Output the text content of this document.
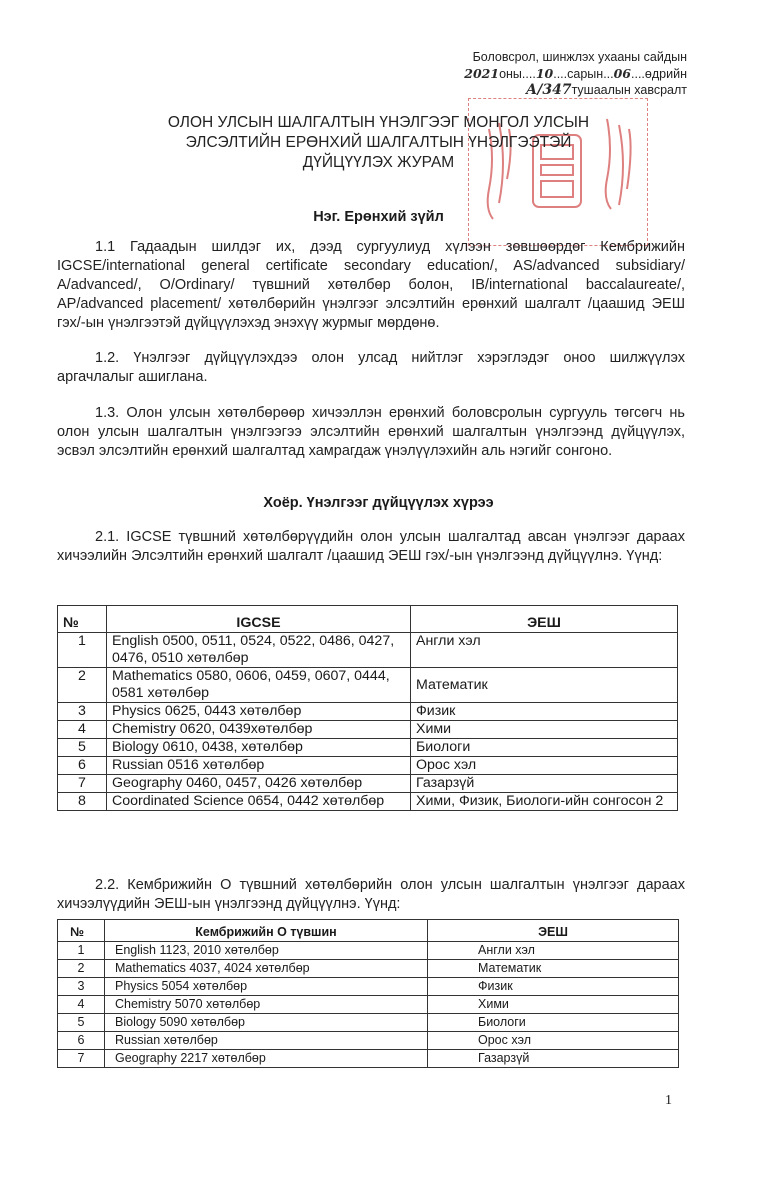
Боловсрол, шинжлэх ухааны сайдын
2021оны....10....сарын...06....өдрийн
А/347тушаалын хавсралт
ОЛОН УЛСЫН ШАЛГАЛТЫН ҮНЭЛГЭЭГ МОНГОЛ УЛСЫН
ЭЛСЭЛТИЙН ЕРӨНХИЙ ШАЛГАЛТЫН ҮНЭЛГЭЭТЭЙ
ДҮЙЦҮҮЛЭХ ЖУРАМ
Нэг. Ерөнхий зүйл
1.1 Гадаадын шилдэг их, дээд сургуулиуд хүлээн зөвшөөрдөг Кембрижийн IGCSE/international general certificate secondary education/, AS/advanced subsidiary/ A/advanced/, O/Ordinary/ түвшний хөтөлбөр болон, IB/international baccalaureate/, AP/advanced placement/ хөтөлбөрийн үнэлгээг элсэлтийн ерөнхий шалгалт /цаашид ЭЕШ гэх/-ын үнэлгээтэй дүйцүүлэхэд энэхүү журмыг мөрдөнө.
1.2. Үнэлгээг дүйцүүлэхдээ олон улсад нийтлэг хэрэглэдэг оноо шилжүүлэх аргачлалыг ашиглана.
1.3. Олон улсын хөтөлбөрөөр хичээллэн ерөнхий боловсролын сургууль төгсөгч нь олон улсын шалгалтын үнэлгээгээ элсэлтийн ерөнхий шалгалтын үнэлгээнд дүйцүүлэх, эсвэл элсэлтийн ерөнхий шалгалтад хамрагдаж үнэлүүлэхийн аль нэгийг сонгоно.
Хоёр. Үнэлгээг дүйцүүлэх хүрээ
2.1. IGCSE түвшний хөтөлбөрүүдийн олон улсын шалгалтад авсан үнэлгээг дараах хичээлийн Элсэлтийн ерөнхий шалгалт /цаашид ЭЕШ гэх/-ын үнэлгээнд дүйцүүлнэ. Үүнд:
№	IGCSE	ЭЕШ
1	English 0500, 0511, 0524, 0522, 0486, 0427, 0476, 0510 хөтөлбөр	Англи хэл
2	Mathematics 0580, 0606, 0459, 0607, 0444, 0581 хөтөлбөр	Математик
3	Physics 0625, 0443 хөтөлбөр	Физик
4	Chemistry 0620, 0439хөтөлбөр	Хими
5	Biology 0610, 0438, хөтөлбөр	Биологи
6	Russian 0516 хөтөлбөр	Орос хэл
7	Geography 0460, 0457, 0426 хөтөлбөр	Газарзүй
8	Coordinated Science 0654, 0442 хөтөлбөр	Хими, Физик, Биологи-ийн сонгосон 2
2.2. Кембрижийн О түвшний хөтөлбөрийн олон улсын шалгалтын үнэлгээг дараах хичээлүүдийн ЭЕШ-ын үнэлгээнд дүйцүүлнэ. Үүнд:
№	Кембрижийн О түвшин	ЭЕШ
1	English 1123, 2010 хөтөлбөр	Англи хэл
2	Mathematics 4037, 4024 хөтөлбөр	Математик
3	Physics 5054 хөтөлбөр	Физик
4	Chemistry 5070 хөтөлбөр	Хими
5	Biology 5090 хөтөлбөр	Биологи
6	Russian хөтөлбөр	Орос хэл
7	Geography 2217 хөтөлбөр	Газарзүй
1
